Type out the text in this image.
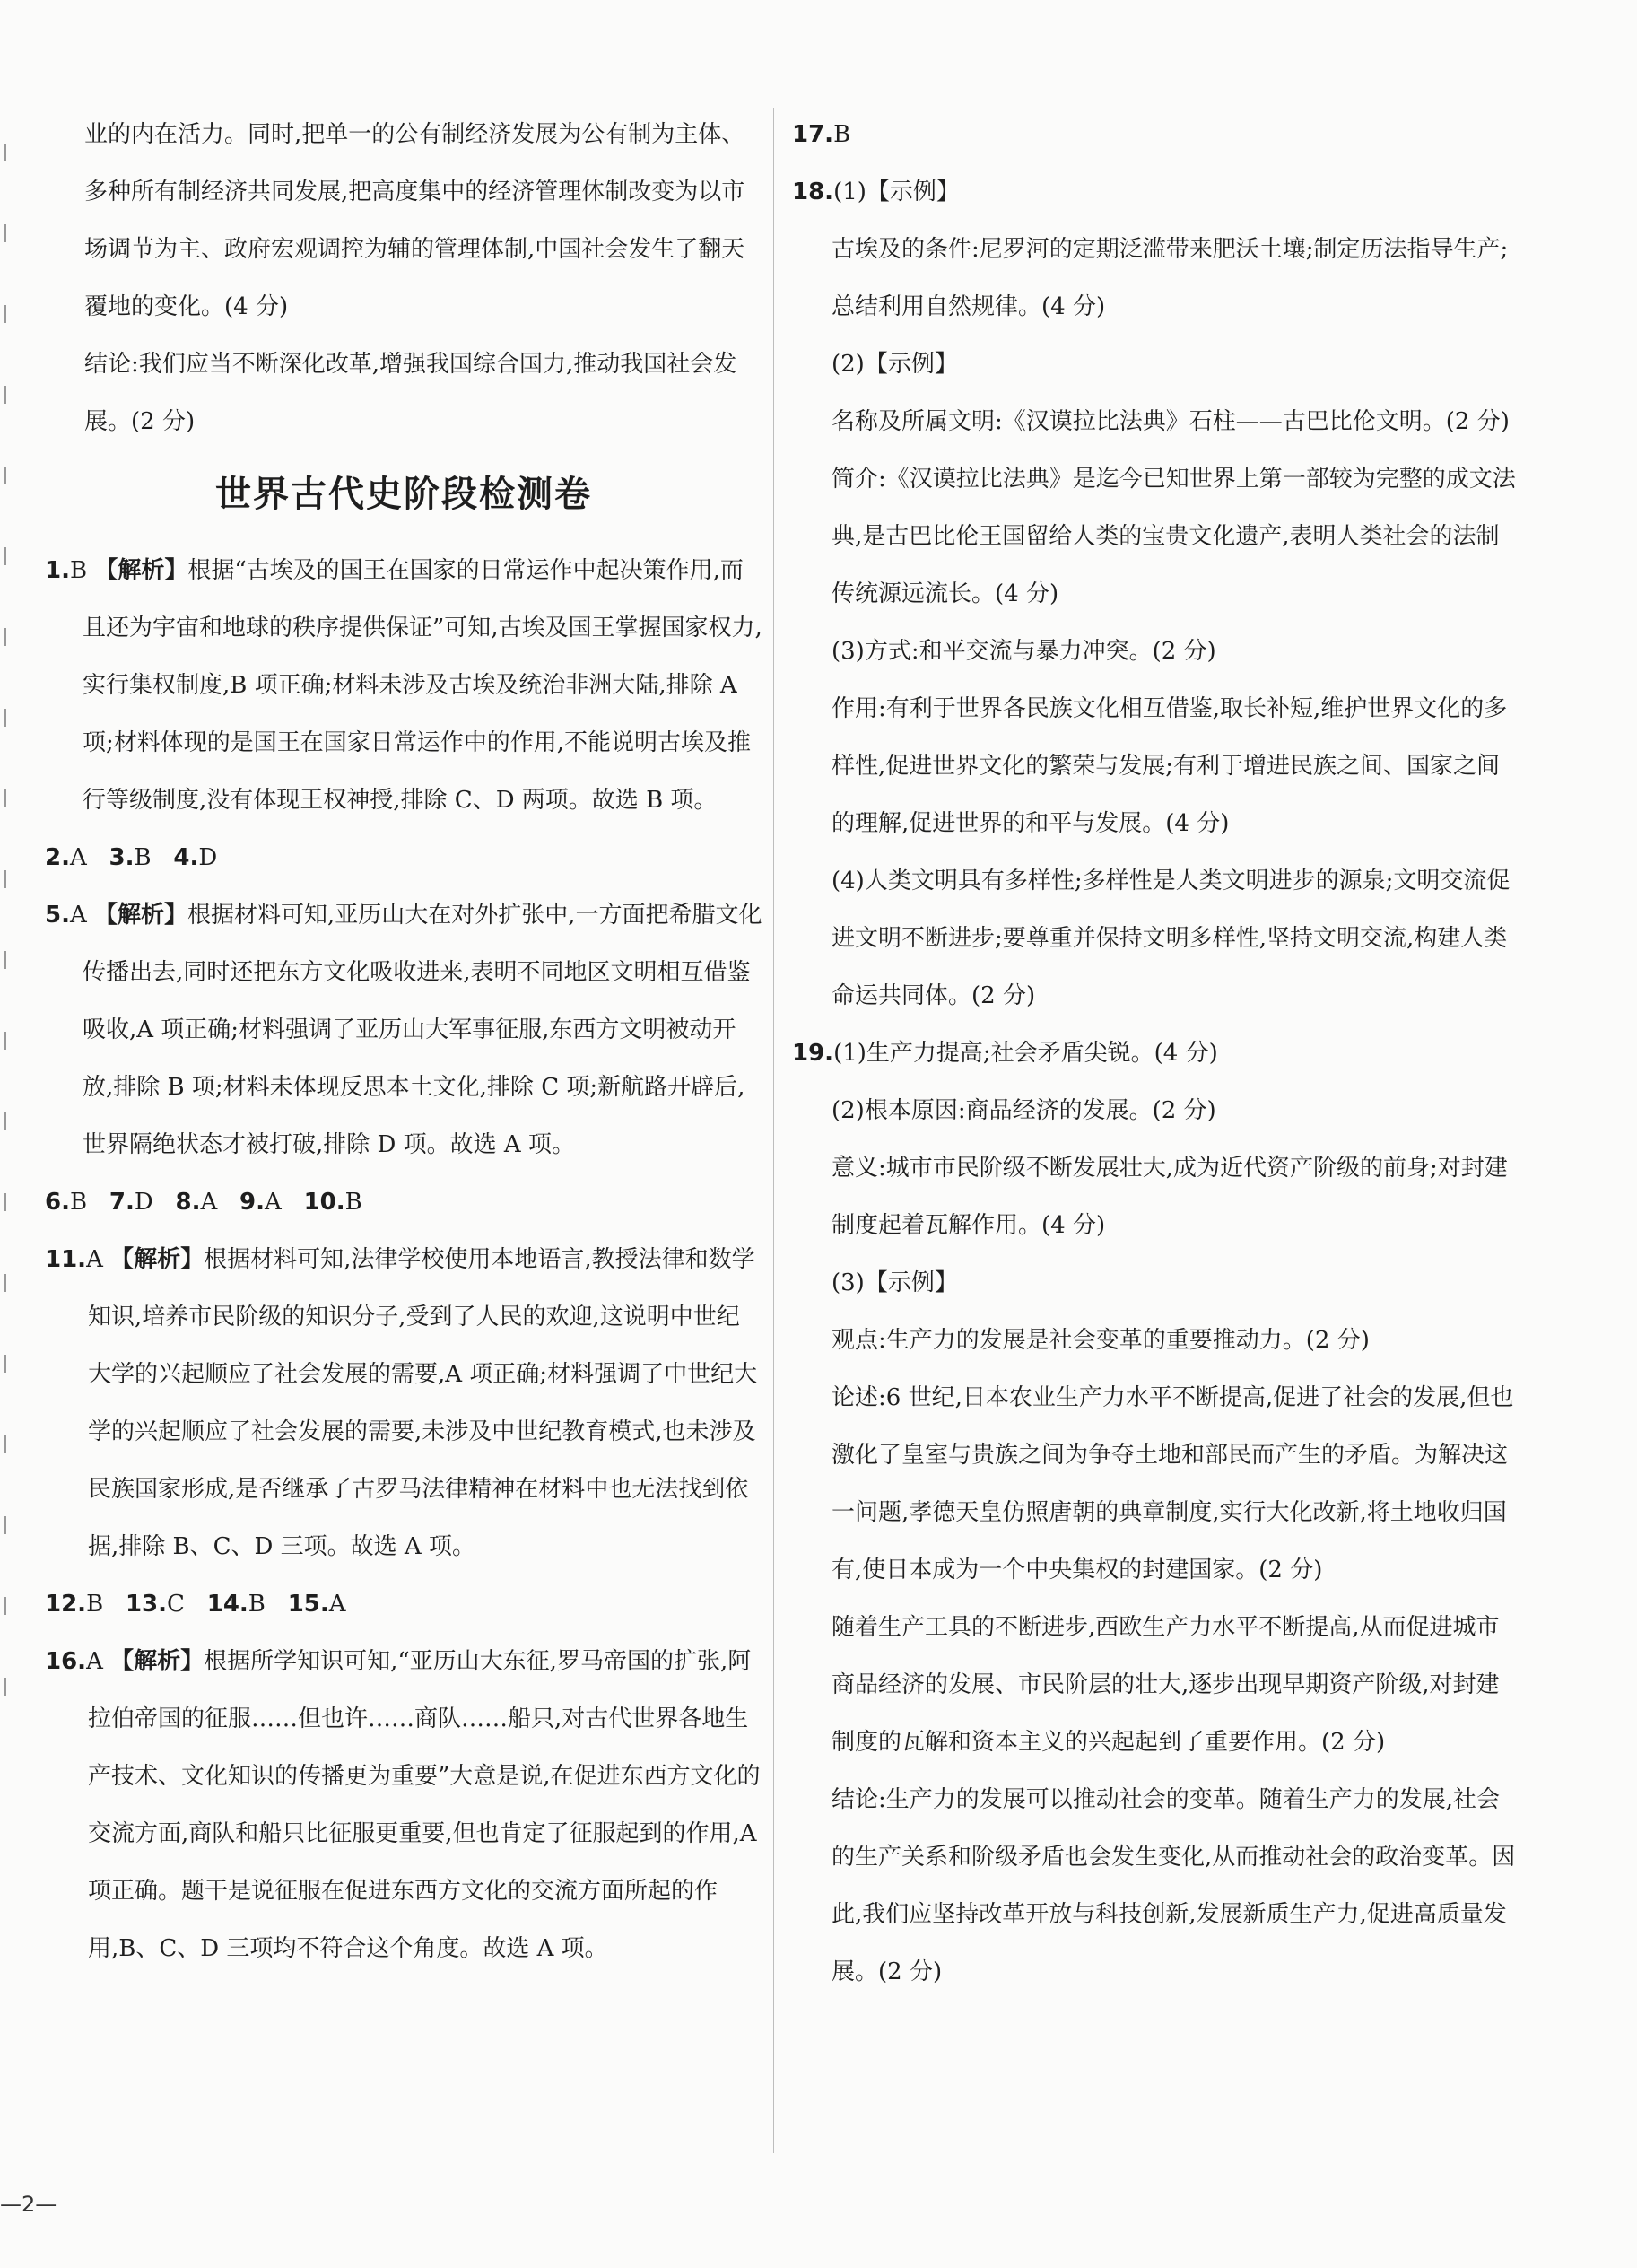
业的内在活力。同时,把单一的公有制经济发展为公有制为主体、多种所有制经济共同发展,把高度集中的经济管理体制改变为以市场调节为主、政府宏观调控为辅的管理体制,中国社会发生了翻天覆地的变化。(4 分)

结论:我们应当不断深化改革,增强我国综合国力,推动我国社会发展。(2 分)

世界古代史阶段检测卷

1.B 【解析】根据“古埃及的国王在国家的日常运作中起决策作用,而且还为宇宙和地球的秩序提供保证”可知,古埃及国王掌握国家权力,实行集权制度,B 项正确;材料未涉及古埃及统治非洲大陆,排除 A 项;材料体现的是国王在国家日常运作中的作用,不能说明古埃及推行等级制度,没有体现王权神授,排除 C、D 两项。故选 B 项。

2.A 3.B 4.D

5.A 【解析】根据材料可知,亚历山大在对外扩张中,一方面把希腊文化传播出去,同时还把东方文化吸收进来,表明不同地区文明相互借鉴吸收,A 项正确;材料强调了亚历山大军事征服,东西方文明被动开放,排除 B 项;材料未体现反思本土文化,排除 C 项;新航路开辟后,世界隔绝状态才被打破,排除 D 项。故选 A 项。

6.B 7.D 8.A 9.A 10.B

11.A 【解析】根据材料可知,法律学校使用本地语言,教授法律和数学知识,培养市民阶级的知识分子,受到了人民的欢迎,这说明中世纪大学的兴起顺应了社会发展的需要,A 项正确;材料强调了中世纪大学的兴起顺应了社会发展的需要,未涉及中世纪教育模式,也未涉及民族国家形成,是否继承了古罗马法律精神在材料中也无法找到依据,排除 B、C、D 三项。故选 A 项。

12.B 13.C 14.B 15.A

16.A 【解析】根据所学知识可知,“亚历山大东征,罗马帝国的扩张,阿拉伯帝国的征服……但也许……商队……船只,对古代世界各地生产技术、文化知识的传播更为重要”大意是说,在促进东西方文化的交流方面,商队和船只比征服更重要,但也肯定了征服起到的作用,A 项正确。题干是说征服在促进东西方文化的交流方面所起的作用,B、C、D 三项均不符合这个角度。故选 A 项。

17.B

18.(1)【示例】

古埃及的条件:尼罗河的定期泛滥带来肥沃土壤;制定历法指导生产;总结利用自然规律。(4 分)

(2)【示例】

名称及所属文明:《汉谟拉比法典》石柱——古巴比伦文明。(2 分)

简介:《汉谟拉比法典》是迄今已知世界上第一部较为完整的成文法典,是古巴比伦王国留给人类的宝贵文化遗产,表明人类社会的法制传统源远流长。(4 分)

(3)方式:和平交流与暴力冲突。(2 分)

作用:有利于世界各民族文化相互借鉴,取长补短,维护世界文化的多样性,促进世界文化的繁荣与发展;有利于增进民族之间、国家之间的理解,促进世界的和平与发展。(4 分)

(4)人类文明具有多样性;多样性是人类文明进步的源泉;文明交流促进文明不断进步;要尊重并保持文明多样性,坚持文明交流,构建人类命运共同体。(2 分)

19.(1)生产力提高;社会矛盾尖锐。(4 分)

(2)根本原因:商品经济的发展。(2 分)

意义:城市市民阶级不断发展壮大,成为近代资产阶级的前身;对封建制度起着瓦解作用。(4 分)

(3)【示例】

观点:生产力的发展是社会变革的重要推动力。(2 分)

论述:6 世纪,日本农业生产力水平不断提高,促进了社会的发展,但也激化了皇室与贵族之间为争夺土地和部民而产生的矛盾。为解决这一问题,孝德天皇仿照唐朝的典章制度,实行大化改新,将土地收归国有,使日本成为一个中央集权的封建国家。(2 分)

随着生产工具的不断进步,西欧生产力水平不断提高,从而促进城市商品经济的发展、市民阶层的壮大,逐步出现早期资产阶级,对封建制度的瓦解和资本主义的兴起起到了重要作用。(2 分)

结论:生产力的发展可以推动社会的变革。随着生产力的发展,社会的生产关系和阶级矛盾也会发生变化,从而推动社会的政治变革。因此,我们应坚持改革开放与科技创新,发展新质生产力,促进高质量发展。(2 分)

—2—
